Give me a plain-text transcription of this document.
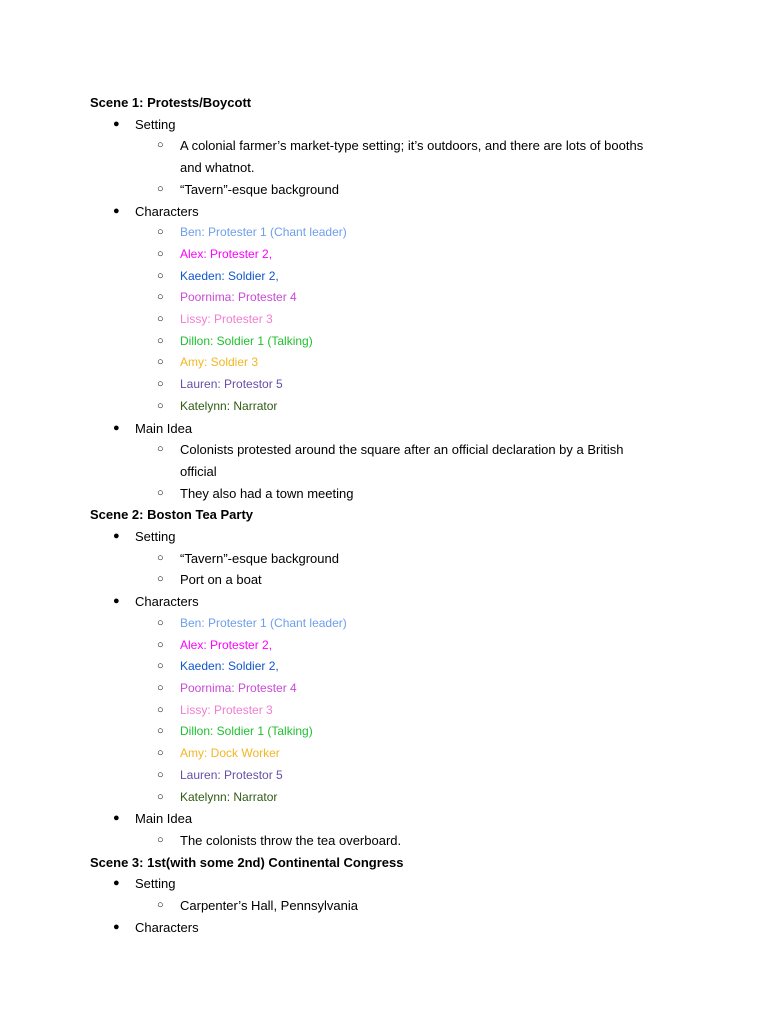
Scene 1: Protests/Boycott
● Setting
○ A colonial farmer’s market-type setting; it’s outdoors, and there are lots of booths and whatnot.
○ “Tavern”-esque background
● Characters
○ Ben: Protester 1 (Chant leader)
○ Alex: Protester 2,
○ Kaeden: Soldier 2,
○ Poornima: Protester 4
○ Lissy: Protester 3
○ Dillon: Soldier 1 (Talking)
○ Amy: Soldier 3
○ Lauren: Protestor 5
○ Katelynn: Narrator
● Main Idea
○ Colonists protested around the square after an official declaration by a British official
○ They also had a town meeting
Scene 2: Boston Tea Party
● Setting
○ “Tavern”-esque background
○ Port on a boat
● Characters
○ Ben: Protester 1 (Chant leader)
○ Alex: Protester 2,
○ Kaeden: Soldier 2,
○ Poornima: Protester 4
○ Lissy: Protester 3
○ Dillon: Soldier 1 (Talking)
○ Amy: Dock Worker
○ Lauren: Protestor 5
○ Katelynn: Narrator
● Main Idea
○ The colonists throw the tea overboard.
Scene 3: 1st(with some 2nd) Continental Congress
● Setting
○ Carpenter’s Hall, Pennsylvania
● Characters
